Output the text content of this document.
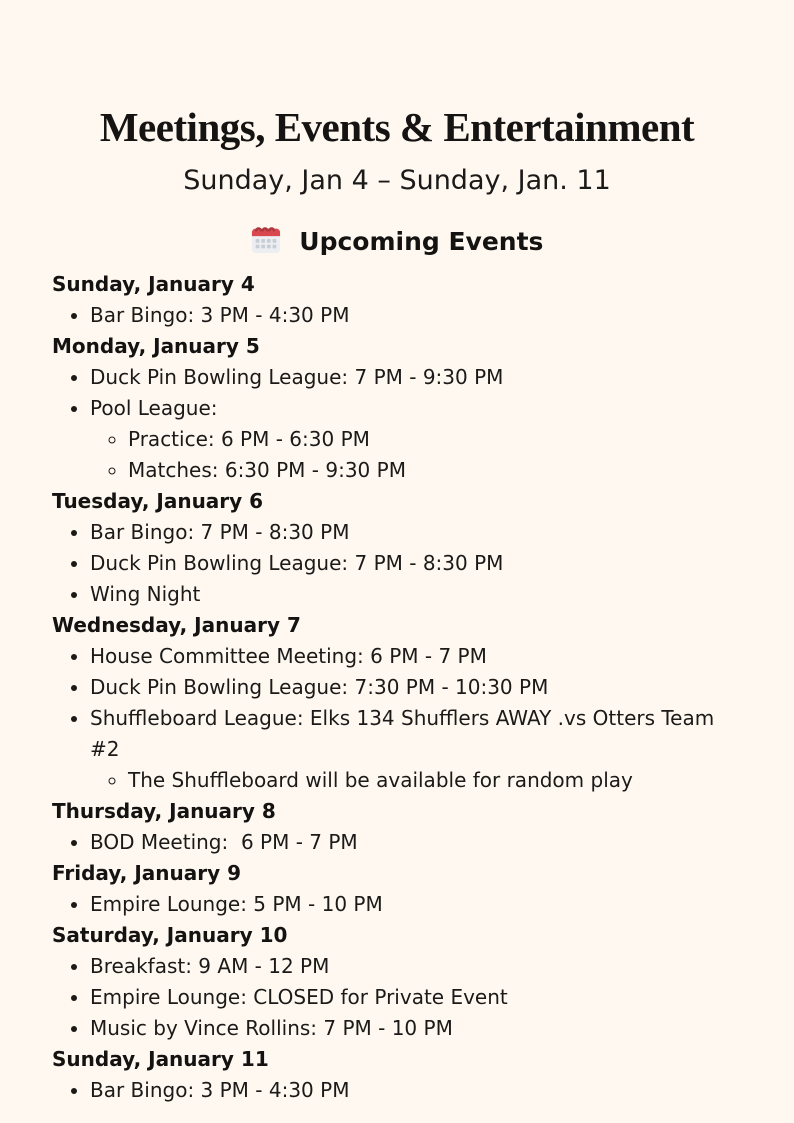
Meetings, Events & Entertainment
Sunday, Jan 4 – Sunday, Jan. 11
Upcoming Events
Sunday, January 4
• Bar Bingo: 3 PM - 4:30 PM
Monday, January 5
• Duck Pin Bowling League: 7 PM - 9:30 PM
• Pool League:
◦ Practice: 6 PM - 6:30 PM
◦ Matches: 6:30 PM - 9:30 PM
Tuesday, January 6
• Bar Bingo: 7 PM - 8:30 PM
• Duck Pin Bowling League: 7 PM - 8:30 PM
• Wing Night
Wednesday, January 7
• House Committee Meeting: 6 PM - 7 PM
• Duck Pin Bowling League: 7:30 PM - 10:30 PM
• Shuffleboard League: Elks 134 Shufflers AWAY .vs Otters Team #2
◦ The Shuffleboard will be available for random play
Thursday, January 8
• BOD Meeting:  6 PM - 7 PM
Friday, January 9
• Empire Lounge: 5 PM - 10 PM
Saturday, January 10
• Breakfast: 9 AM - 12 PM
• Empire Lounge: CLOSED for Private Event
• Music by Vince Rollins: 7 PM - 10 PM
Sunday, January 11
• Bar Bingo: 3 PM - 4:30 PM
